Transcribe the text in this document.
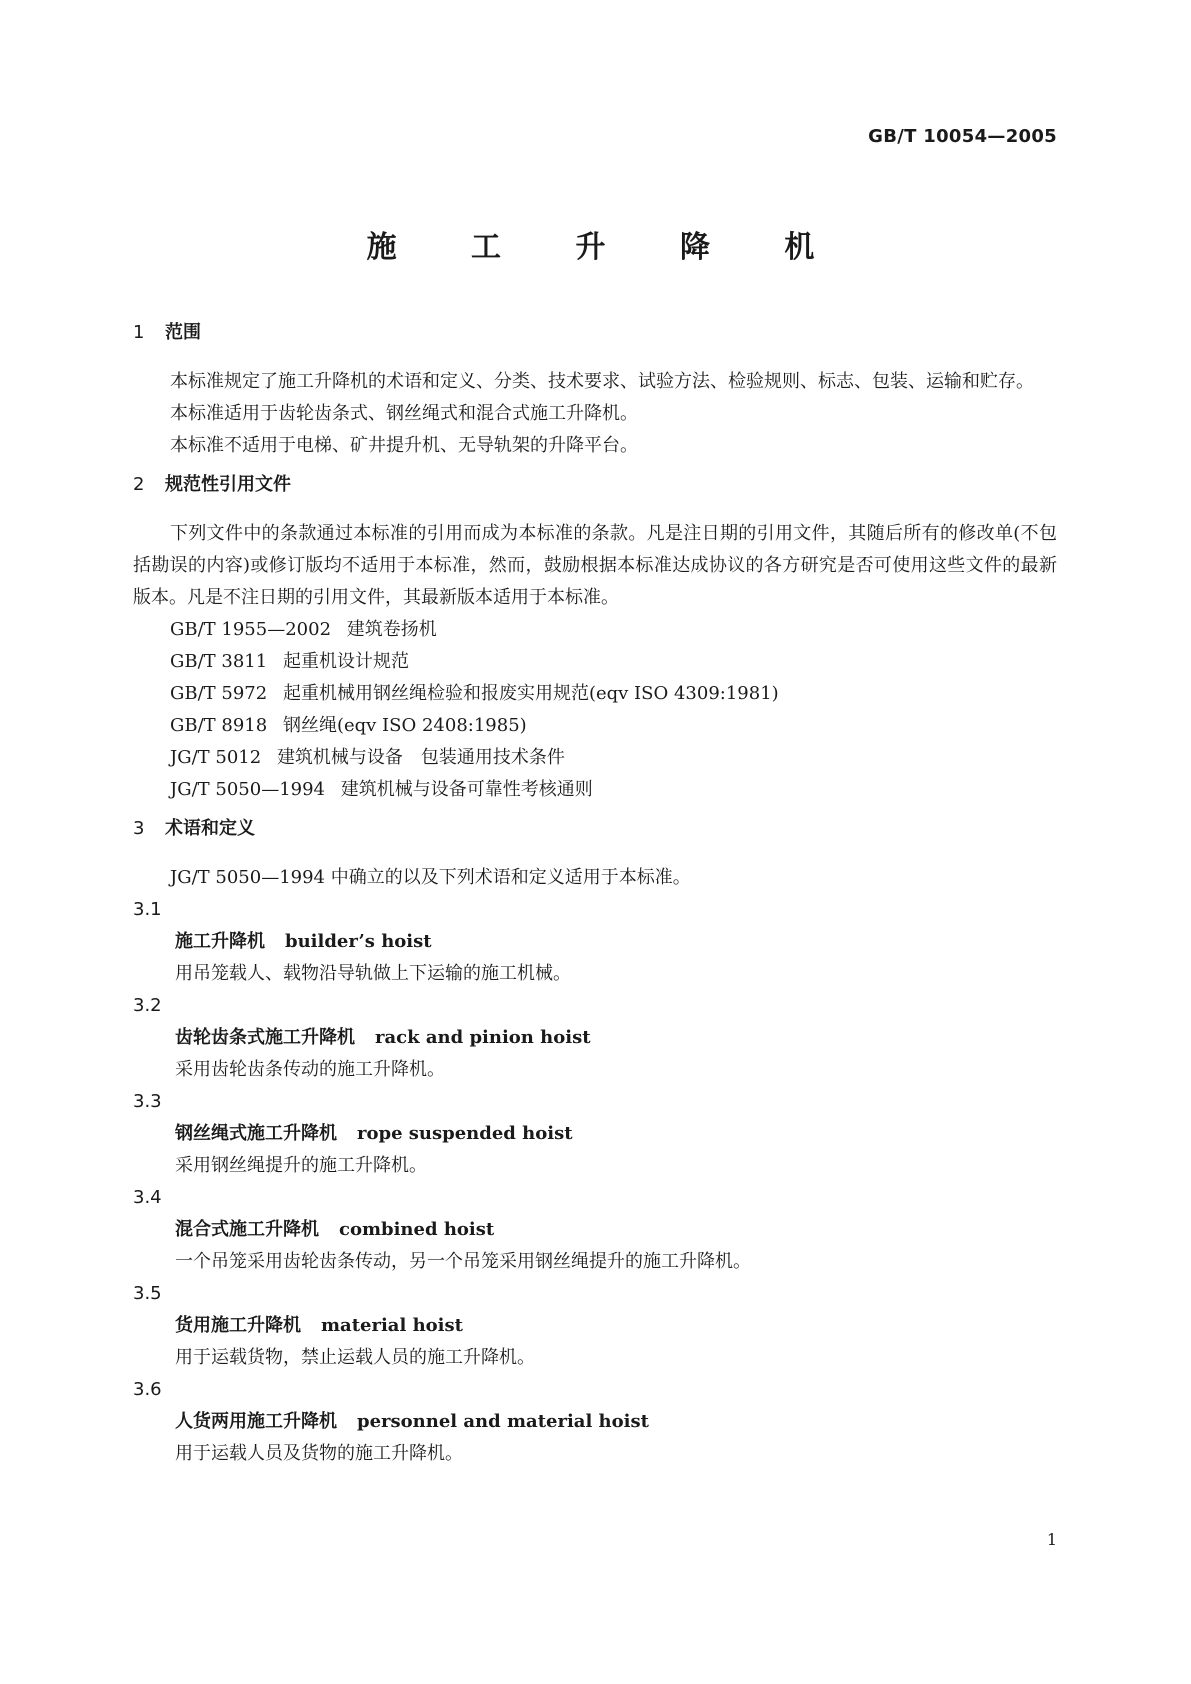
GB/T 10054—2005
施 工 升 降 机

1 范围

本标准规定了施工升降机的术语和定义、分类、技术要求、试验方法、检验规则、标志、包装、运输和贮存。

本标准适用于齿轮齿条式、钢丝绳式和混合式施工升降机。

本标准不适用于电梯、矿井提升机、无导轨架的升降平台。

2 规范性引用文件

下列文件中的条款通过本标准的引用而成为本标准的条款。凡是注日期的引用文件，其随后所有的修改单(不包括勘误的内容)或修订版均不适用于本标准，然而，鼓励根据本标准达成协议的各方研究是否可使用这些文件的最新版本。凡是不注日期的引用文件，其最新版本适用于本标准。

GB/T 1955—2002 建筑卷扬机

GB/T 3811 起重机设计规范

GB/T 5972 起重机械用钢丝绳检验和报废实用规范(eqv ISO 4309:1981)

GB/T 8918 钢丝绳(eqv ISO 2408:1985)

JG/T 5012 建筑机械与设备　包装通用技术条件

JG/T 5050—1994 建筑机械与设备可靠性考核通则

3 术语和定义

JG/T 5050—1994 中确立的以及下列术语和定义适用于本标准。

3.1

施工升降机 builder’s hoist

用吊笼载人、载物沿导轨做上下运输的施工机械。

3.2

齿轮齿条式施工升降机 rack and pinion hoist

采用齿轮齿条传动的施工升降机。

3.3

钢丝绳式施工升降机 rope suspended hoist

采用钢丝绳提升的施工升降机。

3.4

混合式施工升降机 combined hoist

一个吊笼采用齿轮齿条传动，另一个吊笼采用钢丝绳提升的施工升降机。

3.5

货用施工升降机 material hoist

用于运载货物，禁止运载人员的施工升降机。

3.6

人货两用施工升降机 personnel and material hoist

用于运载人员及货物的施工升降机。

1
